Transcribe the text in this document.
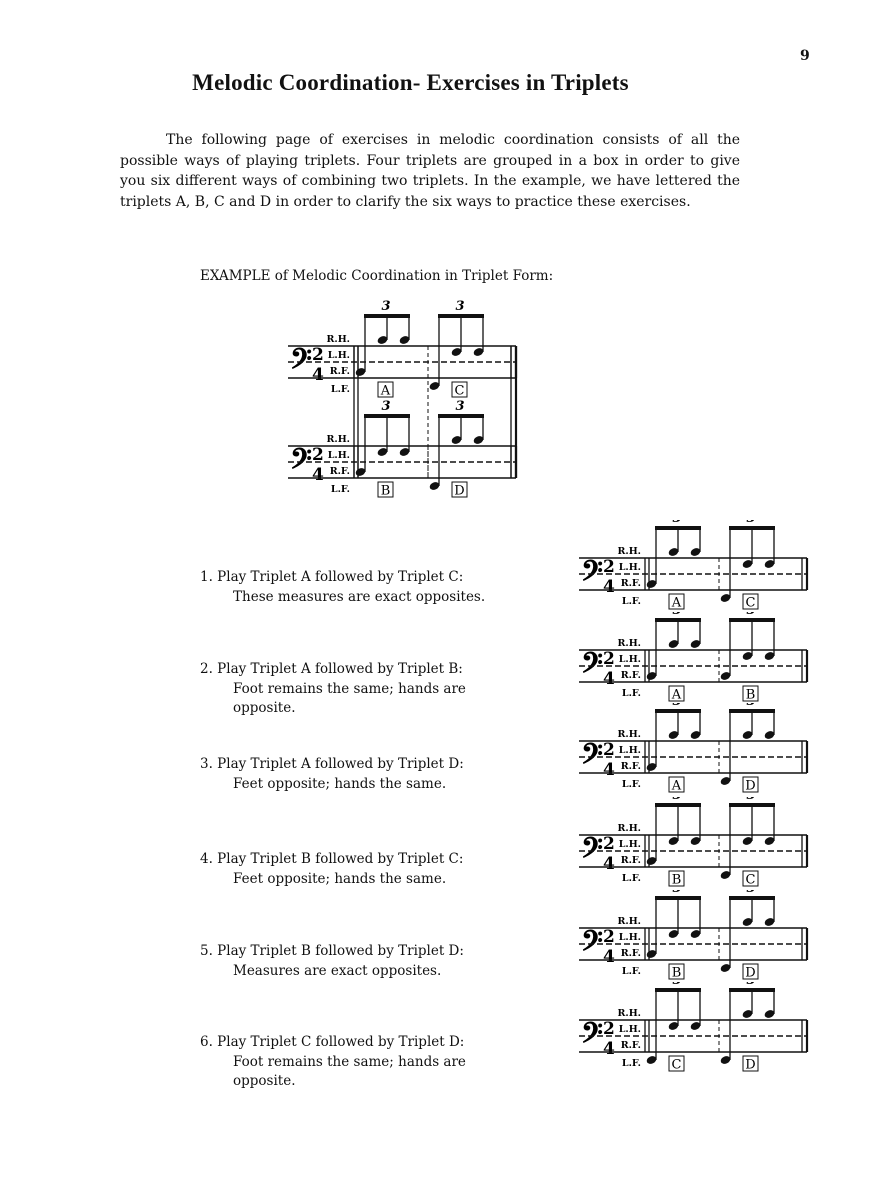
9
Melodic Coordination- Exercises in Triplets

The following page of exercises in melodic coordination consists of all the possible ways of playing triplets. Four triplets are grouped in a box in order to give you six different ways of combining two triplets. In the example, we have lettered the triplets A, B, C and D in order to clarify the six ways to practice these exercises.

EXAMPLE of Melodic Coordination in Triplet Form:
𝄢 2
4
R.H.
L.H.
R.F.
L.F.
3
A
3
C
𝄢 2
4
R.H.
L.H.
R.F.
L.F.
3
B
3
D
1. Play Triplet A followed by Triplet C:
These measures are exact opposites.
𝄢 2
4
R.H.
L.H.
R.F.
L.F. A	C
2. Play Triplet A followed by Triplet B:
Foot remains the same; hands are
opposite.
𝄢 2
4
R.H.
L.H.
R.F.
L.F. A	B
3. Play Triplet A followed by Triplet D:
Feet opposite; hands the same.
𝄢 2
4
R.H.
L.H.
R.F.
L.F. A	D
4. Play Triplet B followed by Triplet C:
Feet opposite; hands the same.
𝄢 2
4
R.H.
L.H.
R.F.
L.F. B	C
5. Play Triplet B followed by Triplet D:
Measures are exact opposites.
𝄢 2
4
R.H.
L.H.
R.F.
L.F. B	D
6. Play Triplet C followed by Triplet D:
Foot remains the same; hands are
opposite.
𝄢 2
4
R.H.
L.H.
R.F.
L.F. C	D
